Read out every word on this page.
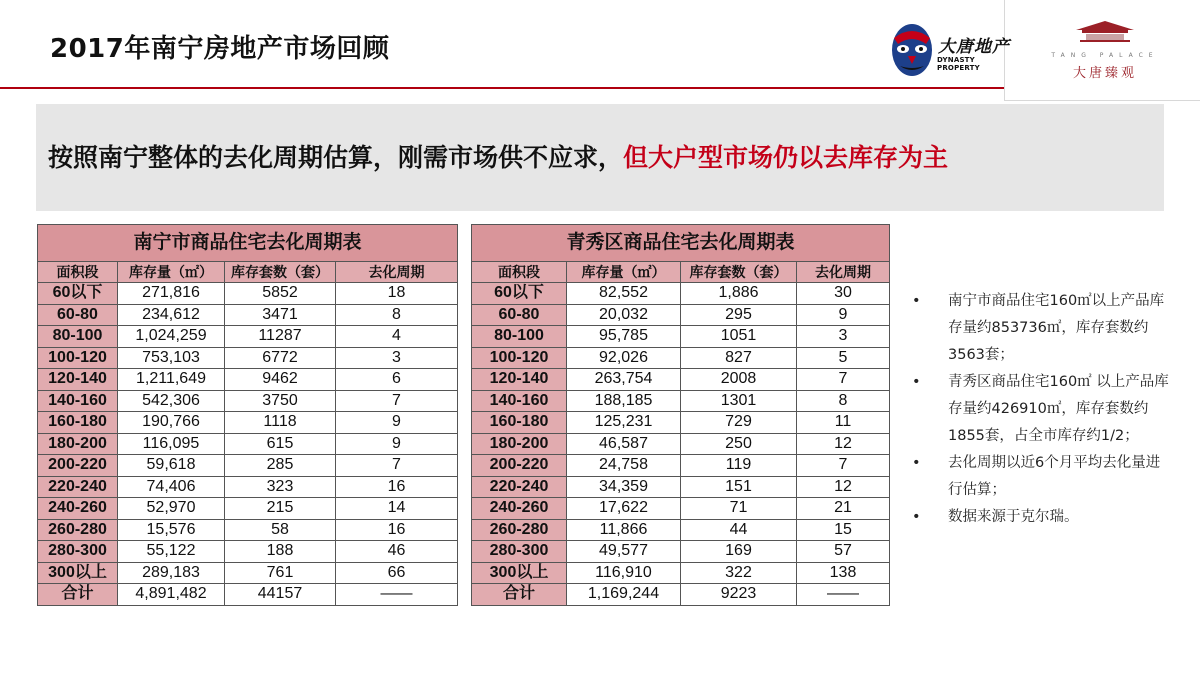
2017年南宁房地产市场回顾	大唐地产
DYNASTY PROPERTY
TANG PALACE
大唐臻观
按照南宁整体的去化周期估算，刚需市场供不应求，但大户型市场仍以去库存为主
南宁市商品住宅去化周期表			
面积段	库存量（㎡）	库存套数（套）	去化周期
60以下	271,816	5852	18
60-80	234,612	3471	8
80-100	1,024,259	11287	4
100-120	753,103	6772	3
120-140	1,211,649	9462	6
140-160	542,306	3750	7
160-180	190,766	1118	9
180-200	116,095	615	9
200-220	59,618	285	7
220-240	74,406	323	16
240-260	52,970	215	14
260-280	15,576	58	16
280-300	55,122	188	46
300以上	289,183	761	66
合计	4,891,482	44157	——
青秀区商品住宅去化周期表			
面积段	库存量（㎡）	库存套数（套）	去化周期
60以下	82,552	1,886	30
60-80	20,032	295	9
80-100	95,785	1051	3
100-120	92,026	827	5
120-140	263,754	2008	7
140-160	188,185	1301	8
160-180	125,231	729	11
180-200	46,587	250	12
200-220	24,758	119	7
220-240	34,359	151	12
240-260	17,622	71	21
260-280	11,866	44	15
280-300	49,577	169	57
300以上	116,910	322	138
合计	1,169,244	9223	——
• 南宁市商品住宅160㎡以上产品库存量约853736㎡，库存套数约3563套；
• 青秀区商品住宅160㎡ 以上产品库存量约426910㎡，库存套数约1855套，占全市库存约1/2；
• 去化周期以近6个月平均去化量进行估算；
• 数据来源于克尔瑞。
